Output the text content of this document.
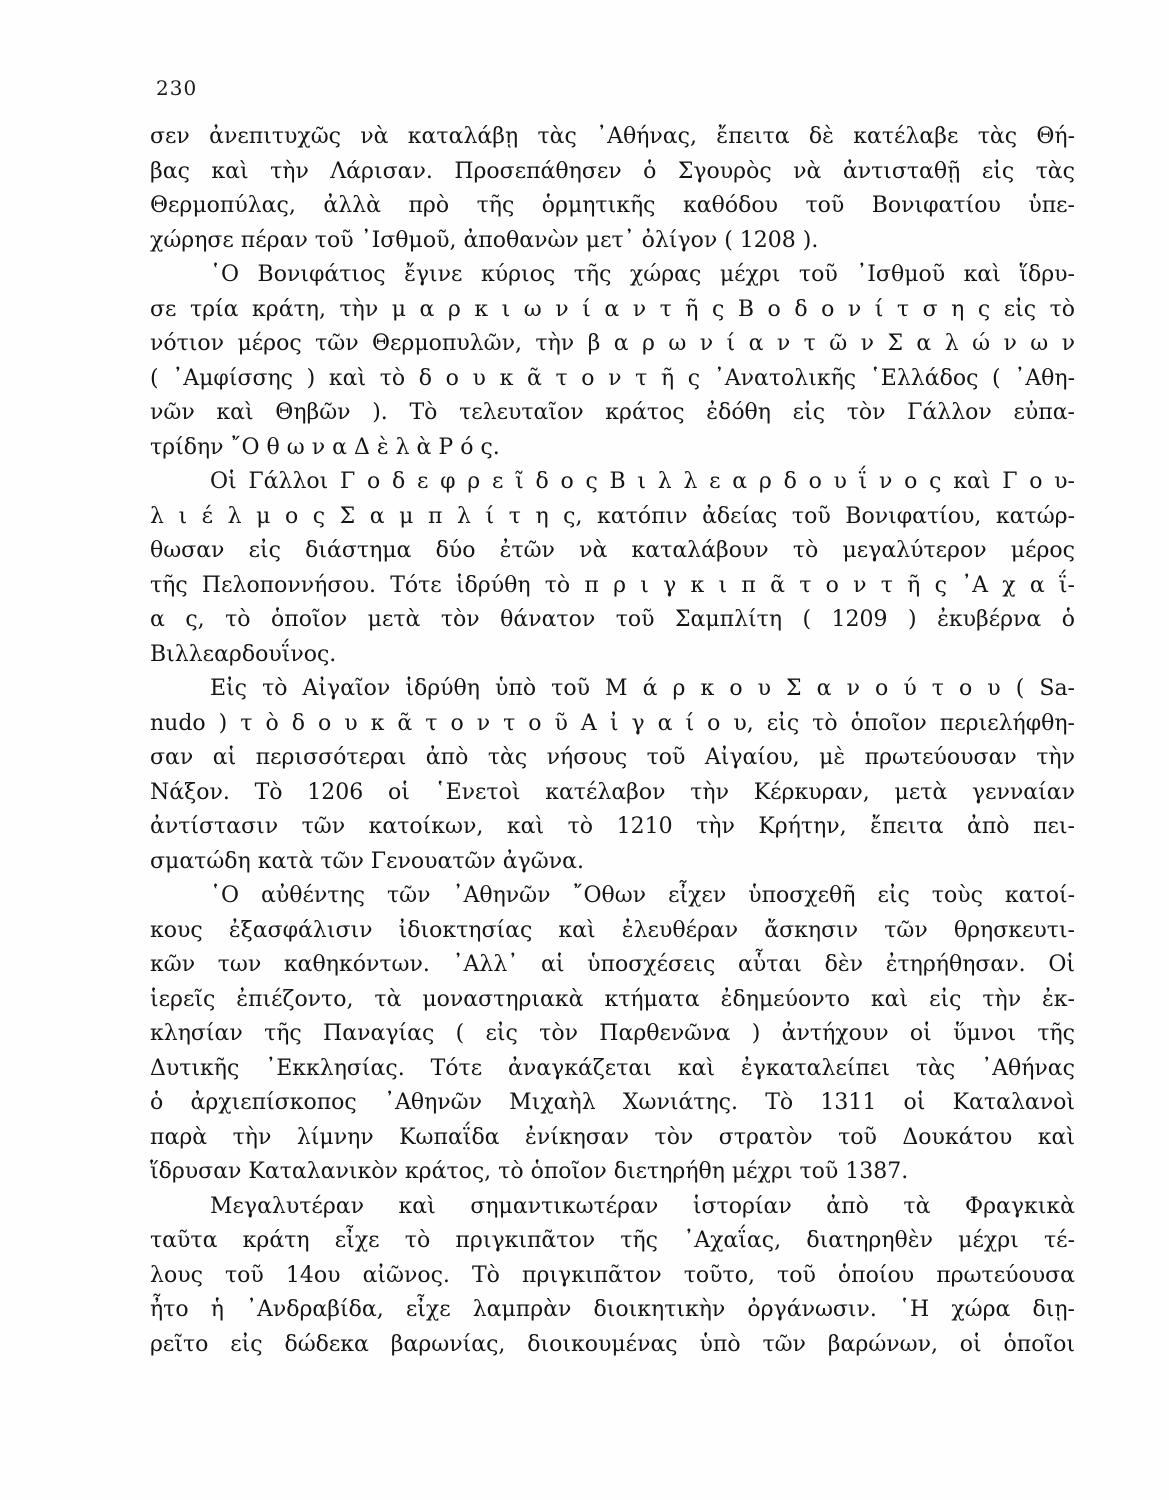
230
σεν ἀνεπιτυχῶς νὰ καταλάβῃ τὰς ᾿Αθήνας, ἔπειτα δὲ κατέλαβε τὰς Θή-
βας καὶ τὴν Λάρισαν. Προσεπάθησεν ὁ Σγουρὸς νὰ ἀντισταθῇ εἰς τὰς
Θερμοπύλας, ἀλλὰ πρὸ τῆς ὁρμητικῆς καθόδου τοῦ Βονιφατίου ὑπε-
χώρησε πέραν τοῦ ᾿Ισθμοῦ, ἀποθανὼν μετ᾿ ὀλίγον ( 1208 ).
῾Ο Βονιφάτιος ἔγινε κύριος τῆς χώρας μέχρι τοῦ ᾿Ισθμοῦ καὶ ἵδρυ-
σε τρία κράτη, τὴν μ α ρ κ ι ω ν ί α ν τ ῆ ς Β ο δ ο ν ί τ σ η ς εἰς τὸ
νότιον μέρος τῶν Θερμοπυλῶν, τὴν β α ρ ω ν ί α ν τ ῶ ν Σ α λ ώ ν ω ν
( ᾿Αμφίσσης ) καὶ τὸ δ ο υ κ ᾶ τ ο ν τ ῆ ς ᾿Ανατολικῆς ῾Ελλάδος ( ᾿Αθη-
νῶν καὶ Θηβῶν ). Τὸ τελευταῖον κράτος ἐδόθη εἰς τὸν Γάλλον εὐπα-
τρίδην ῎Ο θ ω ν α Δ ὲ λ ὰ Ρ ό ς.
Οἱ Γάλλοι Γ ο δ ε φ ρ ε ῖ δ ο ς Β ι λ λ ε α ρ δ ο υ ΐ ν ο ς καὶ Γ ο υ-
λ ι έ λ μ ο ς Σ α μ π λ ί τ η ς, κατόπιν ἀδείας τοῦ Βονιφατίου, κατώρ-
θωσαν εἰς διάστημα δύο ἐτῶν νὰ καταλάβουν τὸ μεγαλύτερον μέρος
τῆς Πελοποννήσου. Τότε ἱδρύθη τὸ π ρ ι γ κ ι π ᾶ τ ο ν τ ῆ ς ᾿Α χ α ΐ-
α ς, τὸ ὁποῖον μετὰ τὸν θάνατον τοῦ Σαμπλίτη ( 1209 ) ἐκυβέρνα ὁ
Βιλλεαρδουΐνος.
Εἰς τὸ Αἰγαῖον ἱδρύθη ὑπὸ τοῦ Μ ά ρ κ ο υ Σ α ν ο ύ τ ο υ ( Sa-
nudo ) τ ὸ δ ο υ κ ᾶ τ ο ν τ ο ῦ Α ἰ γ α ί ο υ, εἰς τὸ ὁποῖον περιελήφθη-
σαν αἱ περισσότεραι ἀπὸ τὰς νήσους τοῦ Αἰγαίου, μὲ πρωτεύουσαν τὴν
Νάξον. Τὸ 1206 οἱ ῾Ενετοὶ κατέλαβον τὴν Κέρκυραν, μετὰ γενναίαν
ἀντίστασιν τῶν κατοίκων, καὶ τὸ 1210 τὴν Κρήτην, ἔπειτα ἀπὸ πει-
σματώδη κατὰ τῶν Γενουατῶν ἀγῶνα.
῾Ο αὐθέντης τῶν ᾿Αθηνῶν ῎Οθων εἶχεν ὑποσχεθῆ εἰς τοὺς κατοί-
κους ἐξασφάλισιν ἰδιοκτησίας καὶ ἐλευθέραν ἄσκησιν τῶν θρησκευτι-
κῶν των καθηκόντων. ᾿Αλλ᾿ αἱ ὑποσχέσεις αὗται δὲν ἐτηρήθησαν. Οἱ
ἱερεῖς ἐπιέζοντο, τὰ μοναστηριακὰ κτήματα ἐδημεύοντο καὶ εἰς τὴν ἐκ-
κλησίαν τῆς Παναγίας ( εἰς τὸν Παρθενῶνα ) ἀντήχουν οἱ ὕμνοι τῆς
Δυτικῆς ᾿Εκκλησίας. Τότε ἀναγκάζεται καὶ ἐγκαταλείπει τὰς ᾿Αθήνας
ὁ ἀρχιεπίσκοπος ᾿Αθηνῶν Μιχαὴλ Χωνιάτης. Τὸ 1311 οἱ Καταλανοὶ
παρὰ τὴν λίμνην Κωπαΐδα ἐνίκησαν τὸν στρατὸν τοῦ Δουκάτου καὶ
ἵδρυσαν Καταλανικὸν κράτος, τὸ ὁποῖον διετηρήθη μέχρι τοῦ 1387.
Μεγαλυτέραν καὶ σημαντικωτέραν ἱστορίαν ἀπὸ τὰ Φραγκικὰ
ταῦτα κράτη εἶχε τὸ πριγκιπᾶτον τῆς ᾿Αχαΐας, διατηρηθὲν μέχρι τέ-
λους τοῦ 14ου αἰῶνος. Τὸ πριγκιπᾶτον τοῦτο, τοῦ ὁποίου πρωτεύουσα
ἦτο ἡ ᾿Ανδραβίδα, εἶχε λαμπρὰν διοικητικὴν ὀργάνωσιν. ῾Η χώρα διῃ-
ρεῖτο εἰς δώδεκα βαρωνίας, διοικουμένας ὑπὸ τῶν βαρώνων, οἱ ὁποῖοι
